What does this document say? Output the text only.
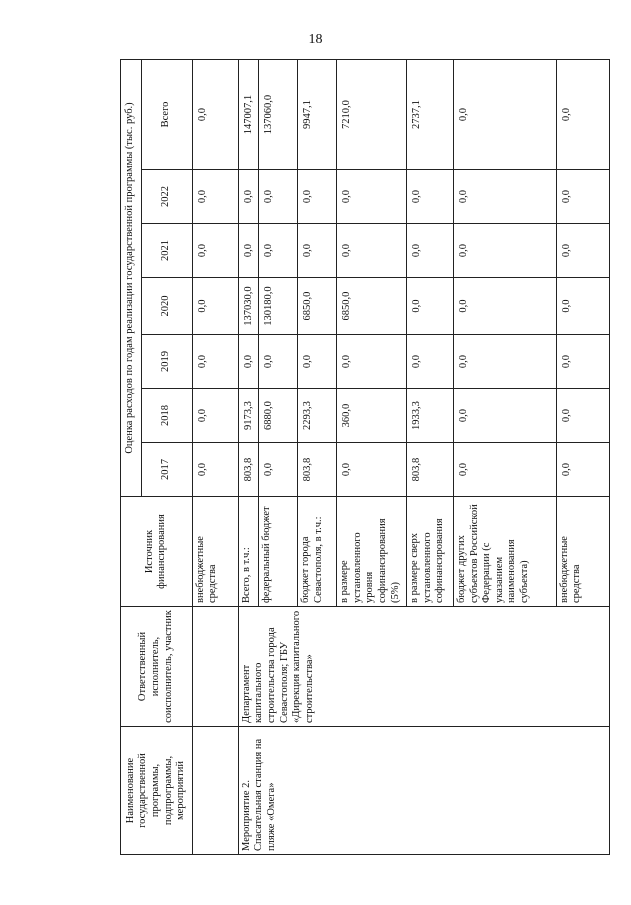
18
Наименование государственной программы, подпрограммы, мероприятий	Ответственный исполнитель, соисполнитель, участник	Источник финансирования	Оценка расходов по годам реализации государственной программы (тыс. руб.)						
			2017	2018	2019	2020	2021	2022	Всего
		внебюджетные средства	0,0	0,0	0,0	0,0	0,0	0,0	0,0
Мероприятие 2. Спасательная станция на пляже «Омега»	Департамент капитального строительства города Севастополя; ГБУ «Дирекция капитального строительства»	Всего, в т.ч.:	803,8	9173,3	0,0	137030,0	0,0	0,0	147007,1
		федеральный бюджет	0,0	6880,0	0,0	130180,0	0,0	0,0	137060,0
		бюджет города Севастополя, в т.ч.:	803,8	2293,3	0,0	6850,0	0,0	0,0	9947,1
		в размере установленного уровня софинансирования (5%)	0,0	360,0	0,0	6850,0	0,0	0,0	7210,0
		в размере сверх установленного софинансирования	803,8	1933,3	0,0	0,0	0,0	0,0	2737,1
		бюджет других субъектов Российской Федерации (с указанием наименования субъекта)	0,0	0,0	0,0	0,0	0,0	0,0	0,0
		внебюджетные средства	0,0	0,0	0,0	0,0	0,0	0,0	0,0
